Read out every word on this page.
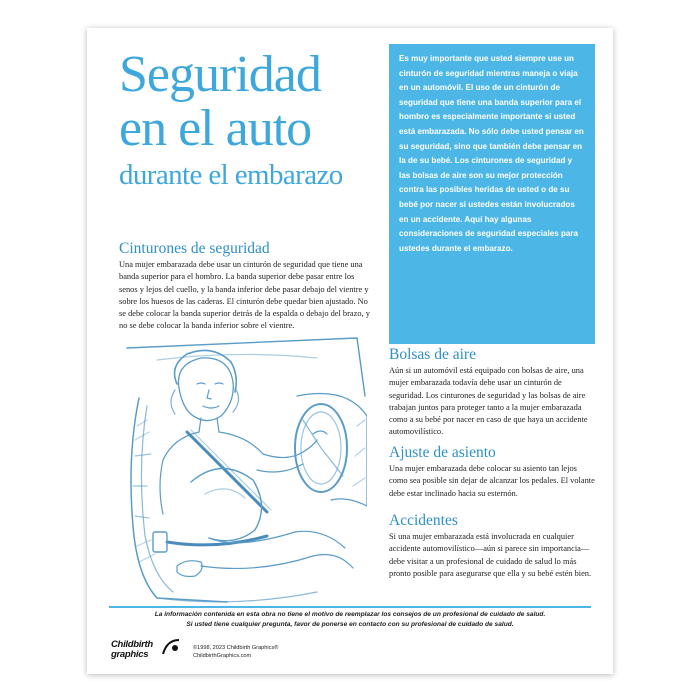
Seguridad
en el auto
durante el embarazo
Es muy importante que usted siempre use un cinturón de seguridad mientras maneja o viaja en un automóvil. El uso de un cinturón de seguridad que tiene una banda superior para el hombro es especialmente importante si usted está embarazada. No sólo debe usted pensar en su seguridad, sino que también debe pensar en la de su bebé. Los cinturones de seguridad y las bolsas de aire son su mejor protección contra las posibles heridas de usted o de su bebé por nacer si ustedes están involucrados en un accidente. Aquí hay algunas consideraciones de seguridad especiales para ustedes durante el embarazo.
Cinturones de seguridad

Una mujer embarazada debe usar un cinturón de seguridad que tiene una banda superior para el hombro. La banda superior debe pasar entre los senos y lejos del cuello, y la banda inferior debe pasar debajo del vientre y sobre los huesos de las caderas. El cinturón debe quedar bien ajustado. No se debe colocar la banda superior detrás de la espalda o debajo del brazo, y no se debe colocar la banda inferior sobre el vientre.

Bolsas de aire

Aún si un automóvil está equipado con bolsas de aire, una mujer embarazada todavía debe usar un cinturón de seguridad. Los cinturones de seguridad y las bolsas de aire trabajan juntos para proteger tanto a la mujer embarazada como a su bebé por nacer en caso de que haya un accidente automovilístico.

Ajuste de asiento

Una mujer embarazada debe colocar su asiento tan lejos como sea posible sin dejar de alcanzar los pedales. El volante debe estar inclinado hacia su esternón.

Accidentes

Si una mujer embarazada está involucrada en cualquier accidente automovilístico—aún si parece sin importancia—debe visitar a un profesional de cuidado de salud lo más pronto posible para asegurarse que ella y su bebé estén bien.

La información contenida en esta obra no tiene el motivo de reemplazar los consejos de un profesional de cuidado de salud.
Si usted tiene cualquier pregunta, favor de ponerse en contacto con su profesional de cuidado de salud.
Childbirth
graphics
©1998, 2023 Childbirth Graphics®
ChildbirthGraphics.com
